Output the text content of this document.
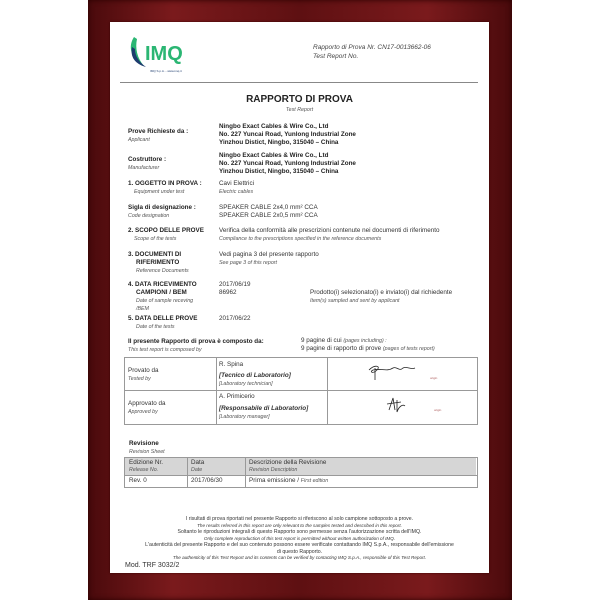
IMQ
IMQ S.p.A. - www.imq.it
Rapporto di Prova Nr. CN17-0013662-06
Test Report No.
RAPPORTO DI PROVA
Test Report
Prove Richieste da :
Applicant
Ningbo Exact Cables & Wire Co., Ltd
No. 227 Yuncai Road, Yunlong Industrial Zone
Yinzhou Distict, Ningbo, 315040 – China
Costruttore :
Manufacturer
Ningbo Exact Cables & Wire Co., Ltd
No. 227 Yuncai Road, Yunlong Industrial Zone
Yinzhou Distict, Ningbo, 315040 – China
1. OGGETTO IN PROVA :
Equipment under test
Cavi Elettrici
Electric cables
Sigla di designazione :
Code designation
SPEAKER CABLE 2x4,0 mm² CCA
SPEAKER CABLE 2x0,5 mm² CCA
2. SCOPO DELLE PROVE
Scope of the tests
Verifica della conformità alle prescrizioni contenute nei documenti di riferimento
Compliance to the prescriptions specified in the reference documents
3. DOCUMENTI DI
RIFERIMENTO
Reference Documents
Vedi pagina 3 del presente rapporto
See page 3 of this report
4. DATA RICEVIMENTO
CAMPIONI / BEM
Date of sample receving
/BEM
2017/06/19
86962	Prodotto(i) selezionato(i) e inviato(i) dal richiedente
Item(s) sampled and sent by applicant
5. DATA DELLE PROVE
Date of the tests
2017/06/22
Il presente Rapporto di prova è composto da:
This test report is composed by
9 pagine di cui (pages including) :
9 pagine di rapporto di prove (pages of tests report)
Provato da
Tested by
R. Spina
[Tecnico di Laboratorio]
[Laboratory technician]
origin
Approvato da
Approved by
A. Primicerio
[Responsabile di Laboratorio]
[Laboratory manager]
origin
Revisione
Revision Sheet
Edizione Nr.
Release No.
Data
Date
Descrizione della Revisione
Revision Description
Rev. 0	2017/06/30	Prima emissione / First edition
I risultati di prova riportati nel presente Rapporto si riferiscono al solo campione sottoposto a prove.
The results referred in this report are only relevant to the samples tested and described in this report.
Soltanto le riproduzioni integrali di questo Rapporto sono permesse senza l'autorizzazione scritta dell'IMQ.
Only complete reproduction of this test report is permitted without written authorization of IMQ.
L'autenticità del presente Rapporto e del suo contenuto possono essere verificate contattando IMQ S.p.A., responsabile dell'emissione
di questo Rapporto.
The authenticity of this Test Report and its contents can be verified by contacting IMQ S.p.A., responsible of this Test Report.
Mod. TRF 3032/2
